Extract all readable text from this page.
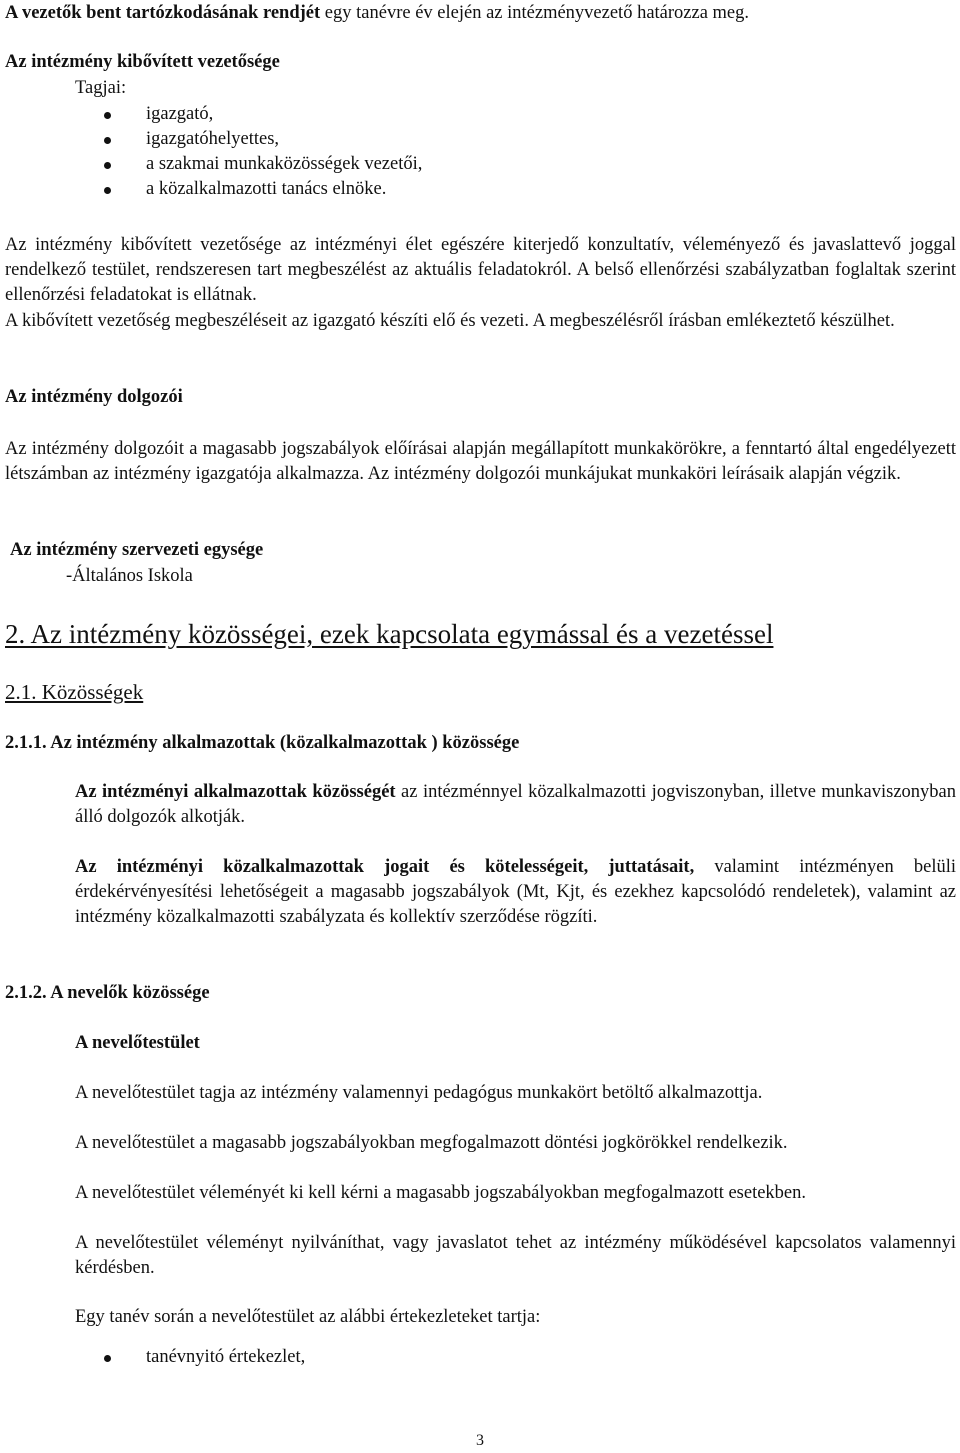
A vezetők bent tartózkodásának rendjét egy tanévre év elején az intézményvezető határozza meg.

Az intézmény kibővített vezetősége

Tagjai:

igazgató,
igazgatóhelyettes,
a szakmai munkaközösségek vezetői,
a közalkalmazotti tanács elnöke.

Az intézmény kibővített vezetősége az intézményi élet egészére kiterjedő konzultatív, véleményező és javaslattevő joggal rendelkező testület, rendszeresen tart megbeszélést az aktuális feladatokról. A belső ellenőrzési szabályzatban foglaltak szerint ellenőrzési feladatokat is ellátnak.

A kibővített vezetőség megbeszéléseit az igazgató készíti elő és vezeti. A megbeszélésről írásban emlékeztető készülhet.

Az intézmény dolgozói

Az intézmény dolgozóit a magasabb jogszabályok előírásai alapján megállapított munkakörökre, a fenntartó által engedélyezett létszámban az intézmény igazgatója alkalmazza. Az intézmény dolgozói munkájukat munkaköri leírásaik alapján végzik.

Az intézmény szervezeti egysége

-Általános Iskola

2. Az intézmény közösségei, ezek kapcsolata egymással és a vezetéssel

2.1. Közösségek

2.1.1. Az intézmény alkalmazottak (közalkalmazottak ) közössége

Az intézményi alkalmazottak közösségét az intézménnyel közalkalmazotti jogviszonyban, illetve munkaviszonyban álló dolgozók alkotják.

Az intézményi közalkalmazottak jogait és kötelességeit, juttatásait, valamint intézményen belüli érdekérvényesítési lehetőségeit a magasabb jogszabályok (Mt, Kjt, és ezekhez kapcsolódó rendeletek), valamint az intézmény közalkalmazotti szabályzata és kollektív szerződése rögzíti.

2.1.2. A nevelők közössége

A nevelőtestület

A nevelőtestület tagja az intézmény valamennyi pedagógus munkakört betöltő alkalmazottja.

A nevelőtestület a magasabb jogszabályokban megfogalmazott döntési jogkörökkel rendelkezik.

A nevelőtestület véleményét ki kell kérni a magasabb jogszabályokban megfogalmazott esetekben.

A nevelőtestület véleményt nyilváníthat, vagy javaslatot tehet az intézmény működésével kapcsolatos valamennyi kérdésben.

Egy tanév során a nevelőtestület az alábbi értekezleteket tartja:

tanévnyitó értekezlet,

3
